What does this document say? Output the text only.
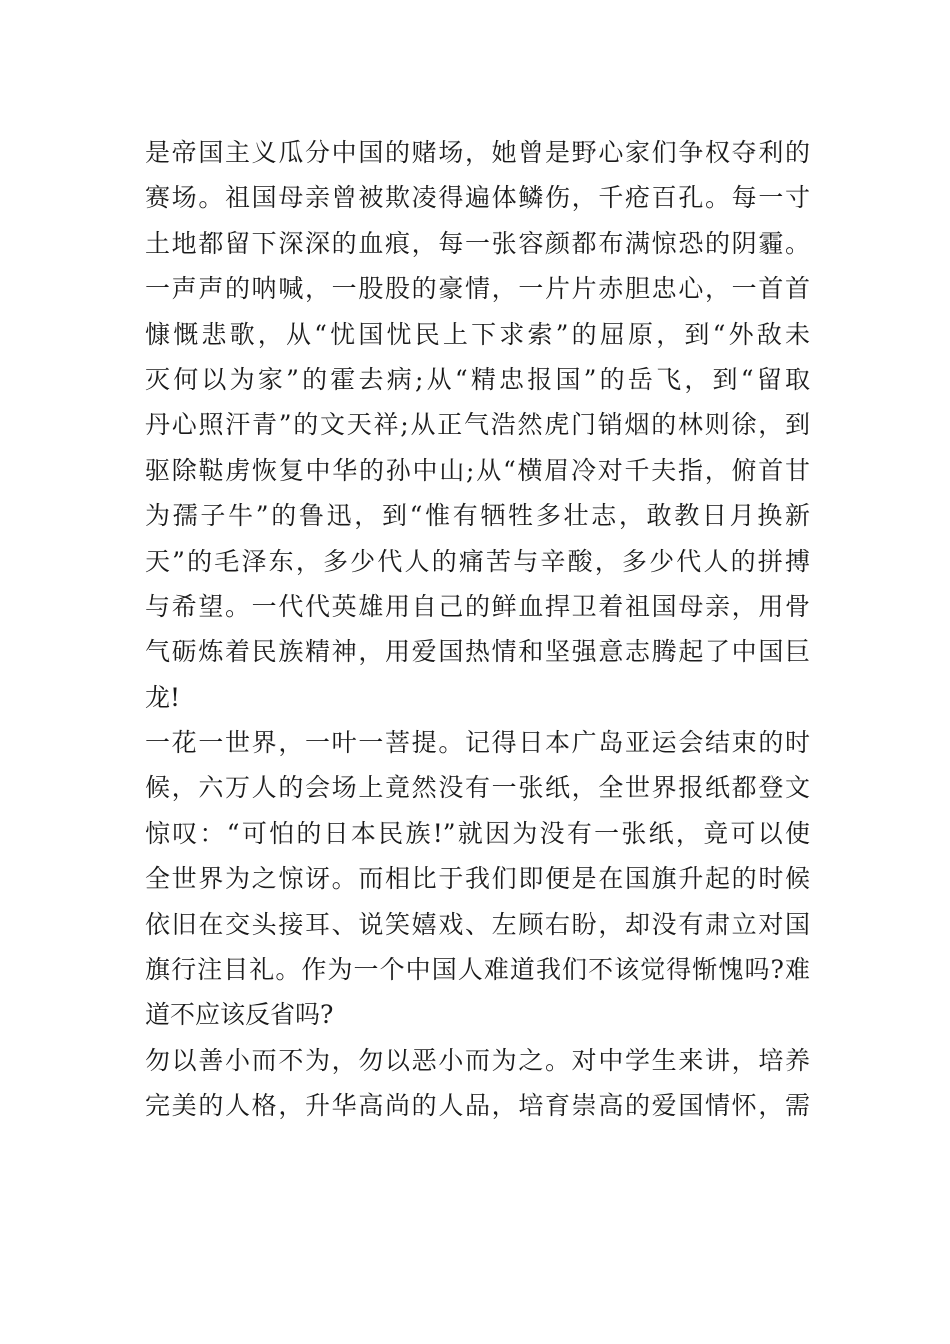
是帝国主义瓜分中国的赌场，她曾是野心家们争权夺利的
赛场。祖国母亲曾被欺凌得遍体鳞伤，千疮百孔。每一寸
土地都留下深深的血痕，每一张容颜都布满惊恐的阴霾。
一声声的呐喊，一股股的豪情，一片片赤胆忠心，一首首
慷慨悲歌，从“忧国忧民上下求索”的屈原，到“外敌未
灭何以为家”的霍去病;从“精忠报国”的岳飞，到“留取
丹心照汗青”的文天祥;从正气浩然虎门销烟的林则徐，到
驱除鞑虏恢复中华的孙中山;从“横眉冷对千夫指，俯首甘
为孺子牛”的鲁迅，到“惟有牺牲多壮志，敢教日月换新
天”的毛泽东，多少代人的痛苦与辛酸，多少代人的拼搏
与希望。一代代英雄用自己的鲜血捍卫着祖国母亲，用骨
气砺炼着民族精神，用爱国热情和坚强意志腾起了中国巨
龙!
一花一世界，一叶一菩提。记得日本广岛亚运会结束的时
候，六万人的会场上竟然没有一张纸，全世界报纸都登文
惊叹：“可怕的日本民族!”就因为没有一张纸，竟可以使
全世界为之惊讶。而相比于我们即便是在国旗升起的时候
依旧在交头接耳、说笑嬉戏、左顾右盼，却没有肃立对国
旗行注目礼。作为一个中国人难道我们不该觉得惭愧吗?难
道不应该反省吗?
勿以善小而不为，勿以恶小而为之。对中学生来讲，培养
完美的人格，升华高尚的人品，培育崇高的爱国情怀，需
